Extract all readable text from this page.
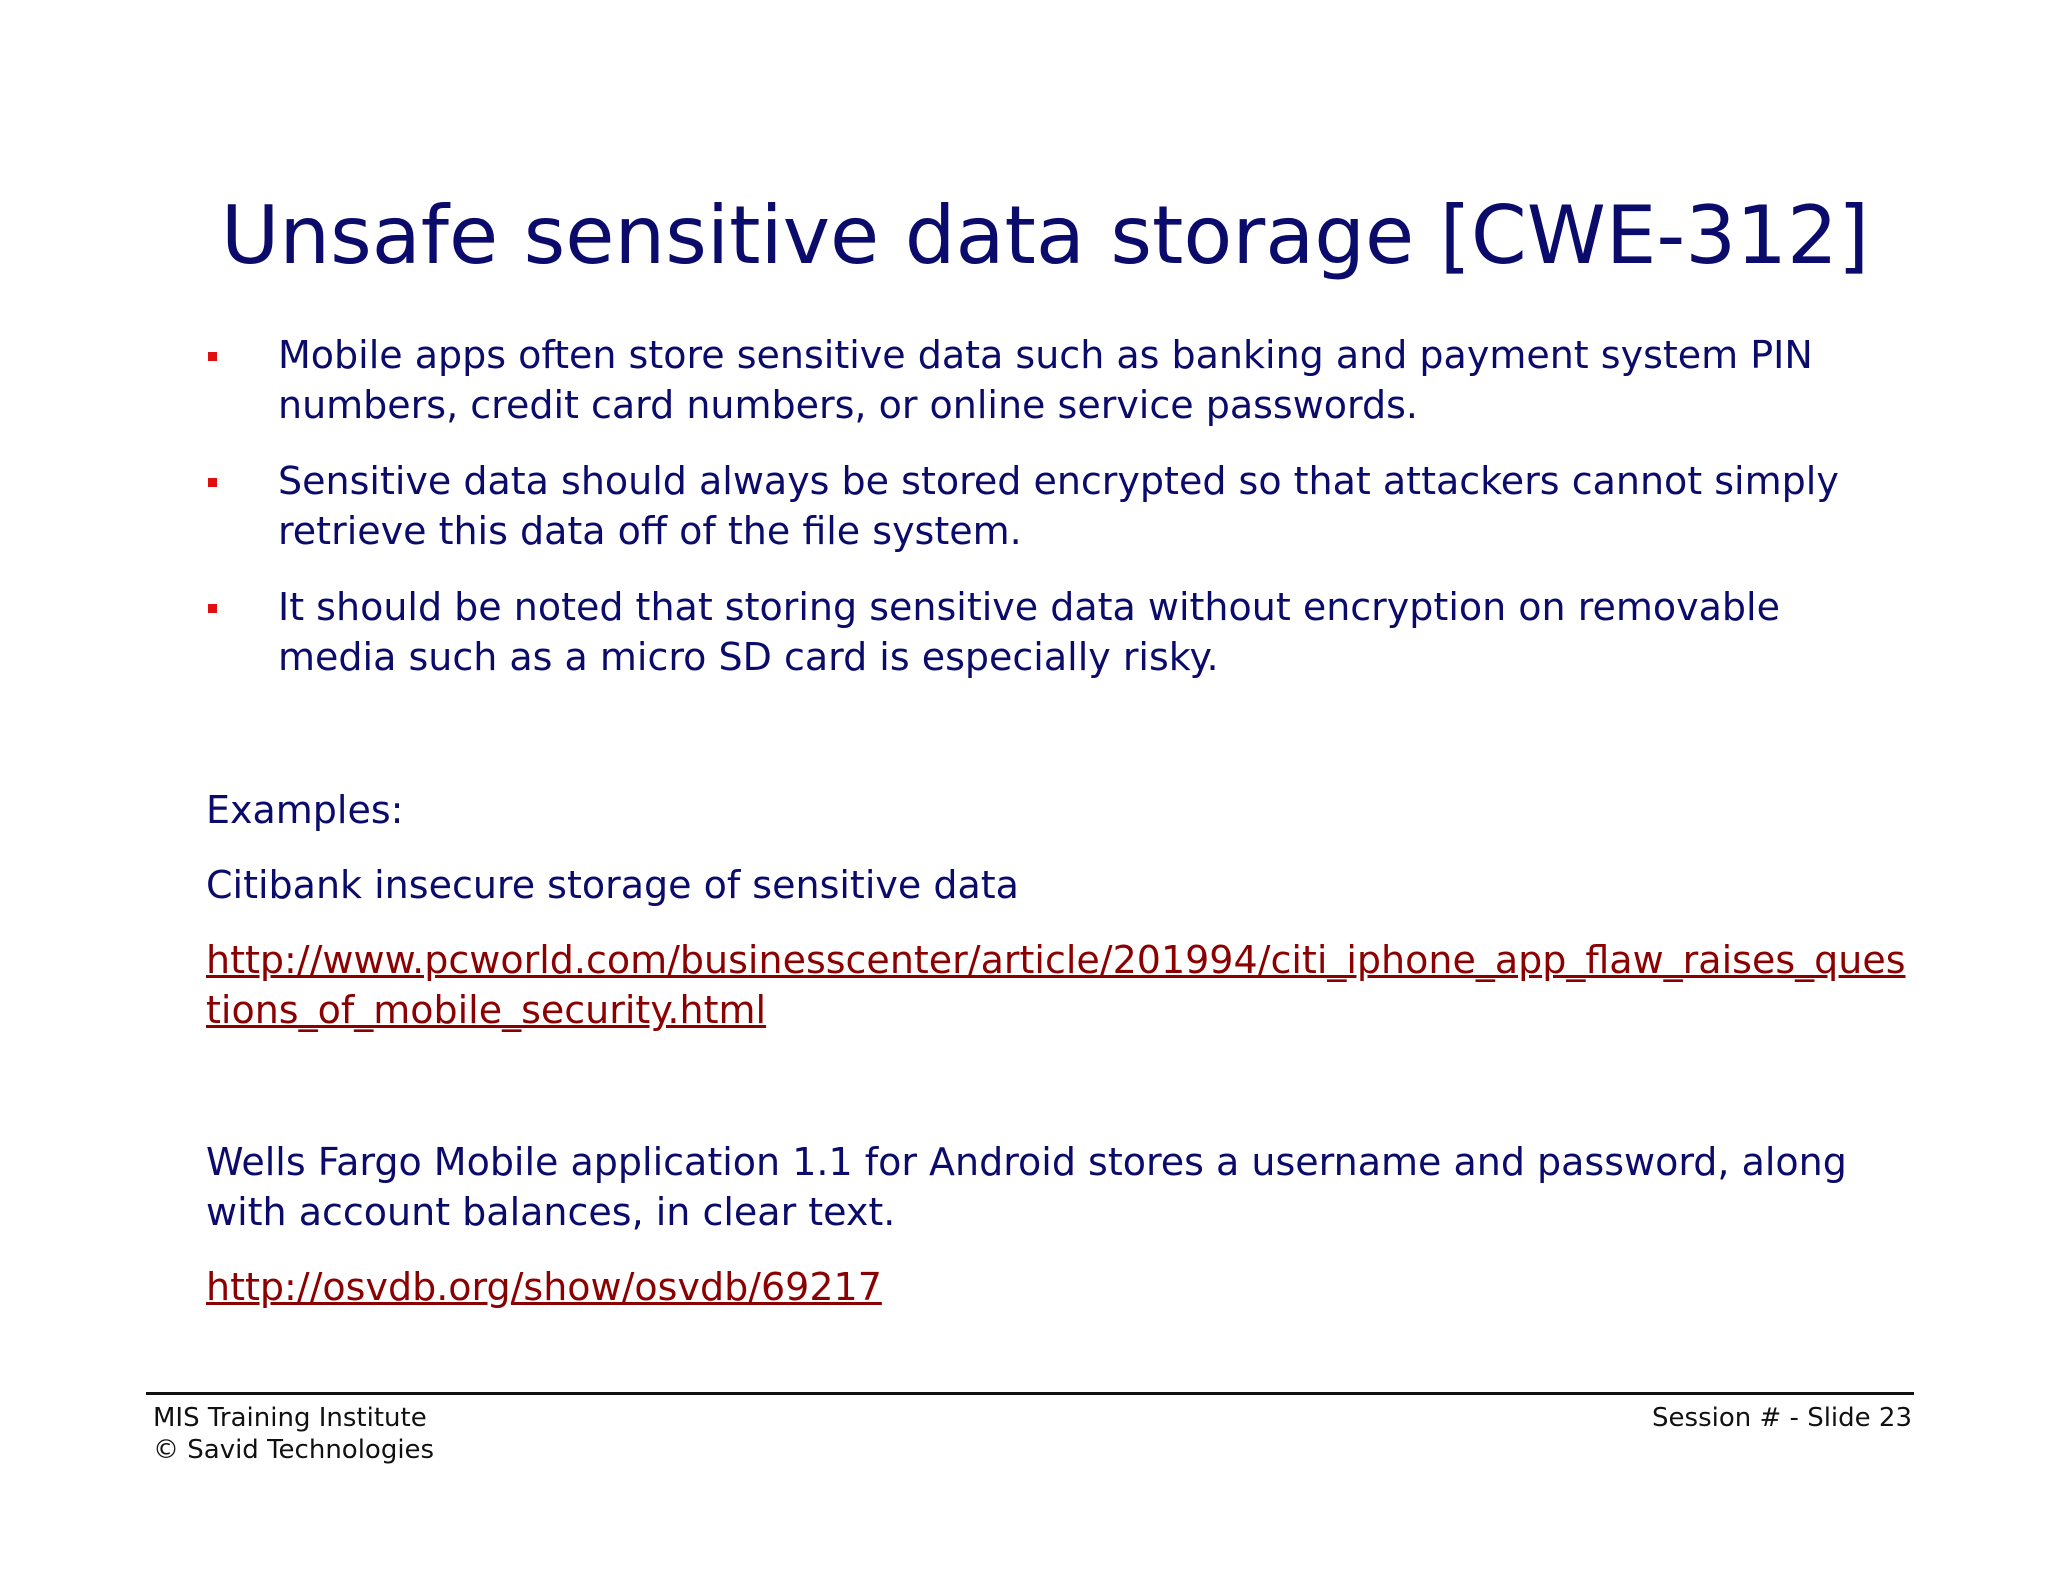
Unsafe sensitive data storage [CWE-312]
Mobile apps often store sensitive data such as banking and payment system PIN numbers, credit card numbers, or online service passwords.
Sensitive data should always be stored encrypted so that attackers cannot simply retrieve this data off of the file system.
It should be noted that storing sensitive data without encryption on removable media such as a micro SD card is especially risky.

Examples:

Citibank insecure storage of sensitive data

http://www.pcworld.com/businesscenter/article/201994/citi_iphone_app_flaw_raises_questions_of_mobile_security.html

Wells Fargo Mobile application 1.1 for Android stores a username and password, along with account balances, in clear text.

http://osvdb.org/show/osvdb/69217
MIS Training Institute
© Savid Technologies
Session # - Slide 23
